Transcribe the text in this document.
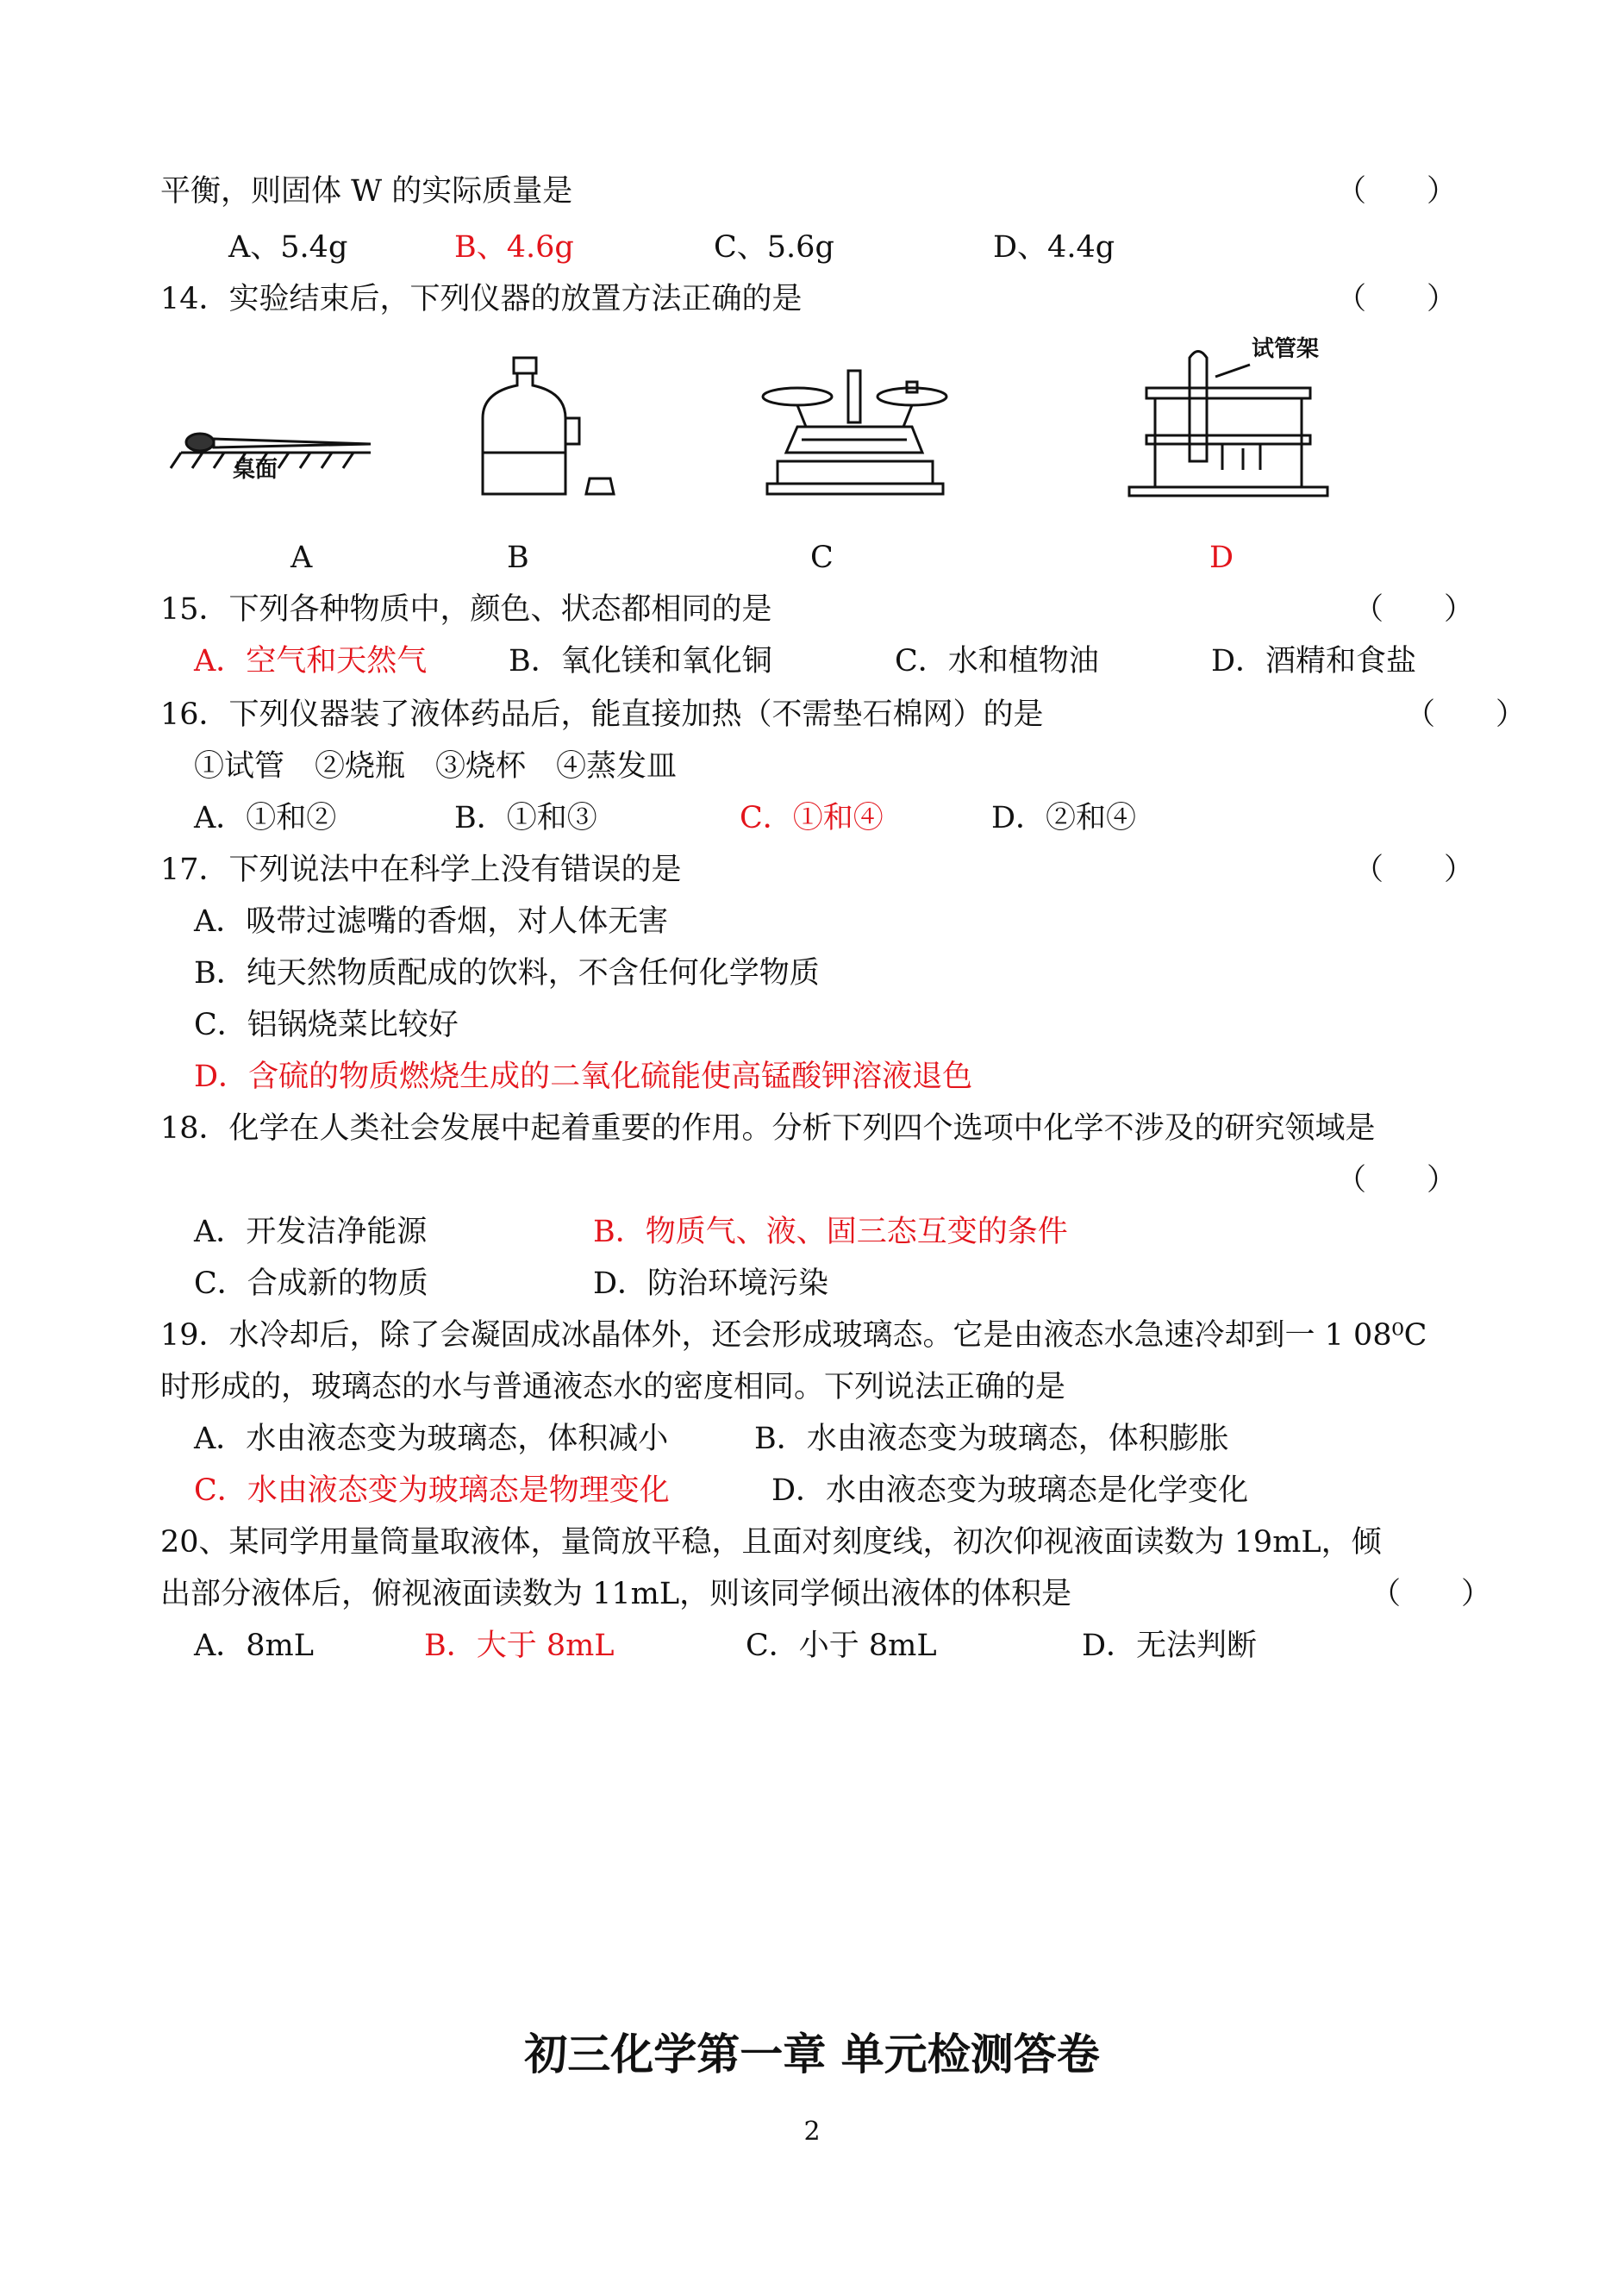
平衡，则固体 W 的实际质量是	（　　）
A、5.4g	B、4.6g	C、5.6g	D、4.4g
14．实验结束后，下列仪器的放置方法正确的是	（　　）
桌面
试管架
A	B	C	D
15．下列各种物质中，颜色、状态都相同的是	（　　）
A．空气和天然气	B．氧化镁和氧化铜	C．水和植物油	D．酒精和食盐
16．下列仪器装了液体药品后，能直接加热（不需垫石棉网）的是	（　　）
①试管　②烧瓶　③烧杯　④蒸发皿
A．①和②	B．①和③	C．①和④	D．②和④
17．下列说法中在科学上没有错误的是	（　　）
A．吸带过滤嘴的香烟，对人体无害
B．纯天然物质配成的饮料，不含任何化学物质
C．铝锅烧菜比较好
D．含硫的物质燃烧生成的二氧化硫能使高锰酸钾溶液退色
18．化学在人类社会发展中起着重要的作用。分析下列四个选项中化学不涉及的研究领域是
（　　）
A．开发洁净能源	B．物质气、液、固三态互变的条件
C．合成新的物质	D．防治环境污染
19．水冷却后，除了会凝固成冰晶体外，还会形成玻璃态。它是由液态水急速冷却到一 1 08⁰C
时形成的，玻璃态的水与普通液态水的密度相同。下列说法正确的是
A．水由液态变为玻璃态，体积减小	B．水由液态变为玻璃态，体积膨胀
C．水由液态变为玻璃态是物理变化	D．水由液态变为玻璃态是化学变化
20、某同学用量筒量取液体，量筒放平稳，且面对刻度线，初次仰视液面读数为 19mL，倾
出部分液体后，俯视液面读数为 11mL，则该同学倾出液体的体积是	（　　）
A．8mL	B．大于 8mL	C．小于 8mL	D．无法判断
初三化学第一章 单元检测答卷
2
